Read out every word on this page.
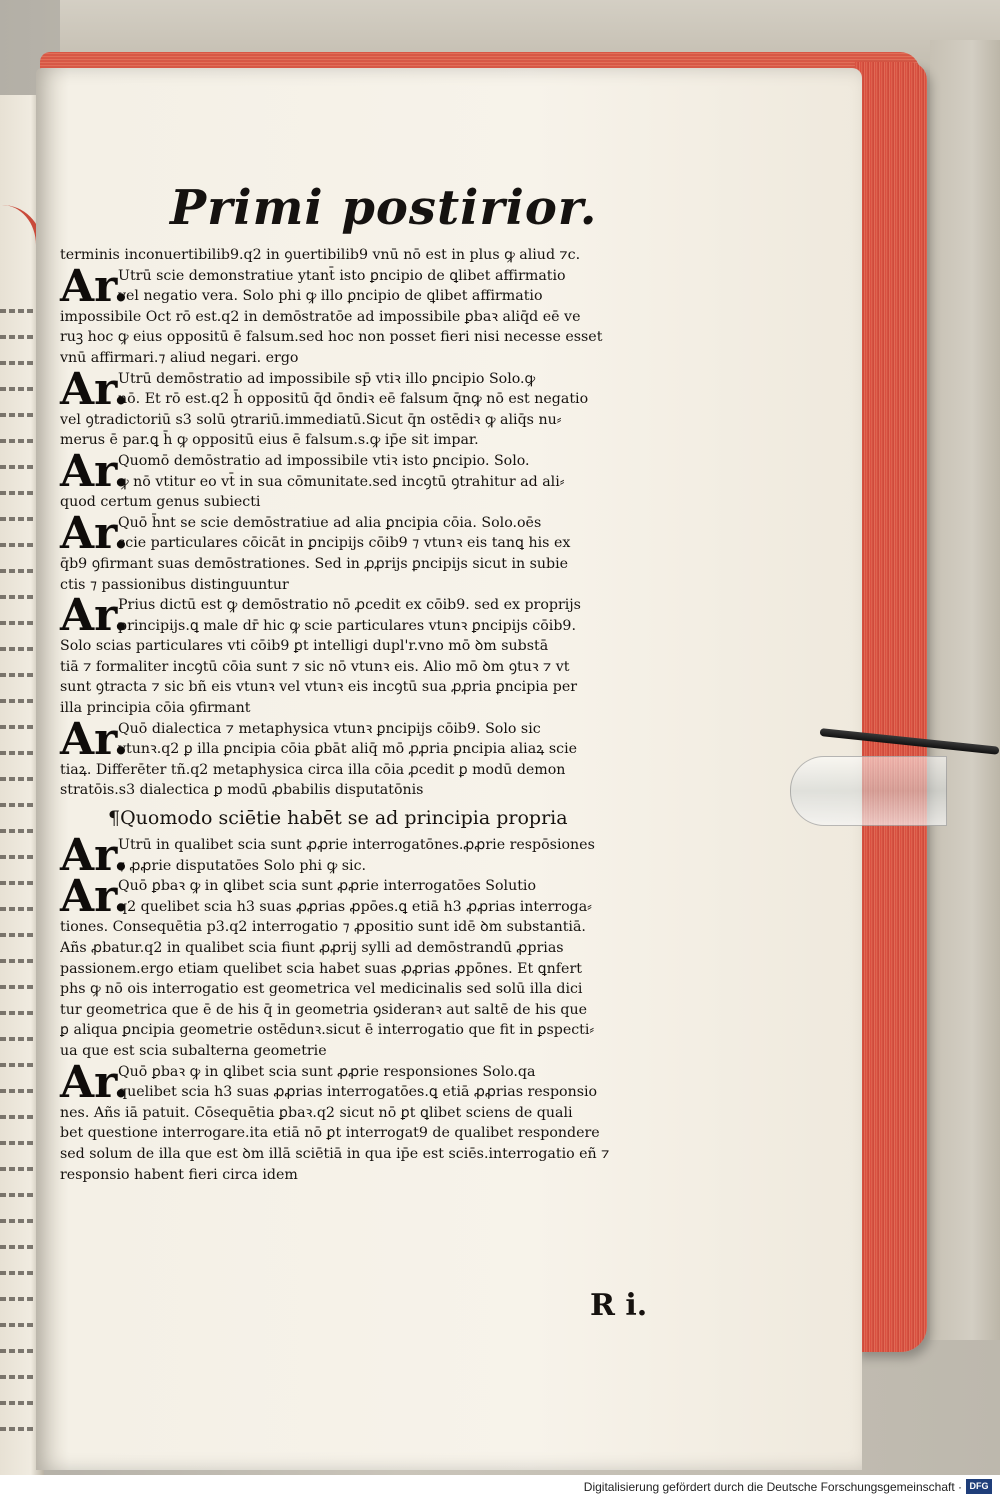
Primi postirior.
terminis inconuertibilib9.q2 in ꝯuertibilib9 vnū nō est in plus ꝙ aliud ⁊c.
Ar.
Utrū scie demonstratiue ytant̄ isto ꝑncipio de ꝗlibet affirmatio
vel negatio vera. Solo phi ꝙ illo ꝑncipio de ꝗlibet affirmatio
impossibile Oct rō est.q2 in demōstratōe ad impossibile ꝑbaꝛ aliq̄d eē ve
ruꝫ hoc ꝙ eius oppositū ē falsum.sed hoc non posset fieri nisi necesse esset
vnū affirmari.⁊ aliud negari. ergo
Ar.
Utrū demōstratio ad impossibile sp̄ vtiꝛ illo ꝑncipio Solo.ꝙ
nō. Et rō est.q2 h̄ oppositū q̄d ōndiꝛ eē falsum q̄nꝙ nō est negatio
vel ꝯtradictoriū s3 solū ꝯtrariū.immediatū.Sicut q̄n ostēdiꝛ ꝙ aliq̄s nu⸗
merus ē par.ꝗ h̄ ꝙ oppositū eius ē falsum.s.ꝙ ip̄e sit impar.
Ar.
Quomō demōstratio ad impossibile vtiꝛ isto ꝑncipio. Solo.
ꝙ nō vtitur eo vt̄ in sua cōmunitate.sed incꝯtū ꝯtrahitur ad ali⸗
quod certum genus subiecti
Ar.
Quō h̄nt se scie demōstratiue ad alia ꝑncipia cōia. Solo.oēs
scie particulares cōicāt in ꝑncipijs cōib9 ⁊ vtunꝛ eis tanꝗ his ex
q̄b9 ꝯfirmant suas demōstrationes. Sed in ꝓꝓrijs ꝑncipijs sicut in subie
ctis ⁊ passionibus distinguuntur
Ar.
Prius dictū est ꝙ demōstratio nō ꝓcedit ex cōib9. sed ex proprijs
principijs.ꝗ male dr̄ hic ꝙ scie particulares vtunꝛ ꝑncipijs cōib9.
Solo scias particulares vti cōib9 ꝑt intelligi dupl'r.vno mō ꝺm substā
tiā ⁊ formaliter incꝯtū cōia sunt ⁊ sic nō vtunꝛ eis. Alio mō ꝺm ꝯtuꝛ ⁊ vt
sunt ꝯtracta ⁊ sic bñ eis vtunꝛ vel vtunꝛ eis incꝯtū sua ꝓꝓria ꝑncipia per
illa principia cōia ꝯfirmant
Ar.
Quō dialectica ⁊ metaphysica vtunꝛ ꝑncipijs cōib9. Solo sic
vtunꝛ.q2 ꝑ illa ꝑncipia cōia ꝑbāt aliq̄ mō ꝓꝓria ꝑncipia aliaꝝ scie
tiaꝝ. Differēter tñ.q2 metaphysica circa illa cōia ꝓcedit ꝑ modū demon
stratōis.s3 dialectica ꝑ modū ꝓbabilis disputatōnis
¶Quomodo sciētie habēt se ad principia propria
Ar.
Utrū in qualibet scia sunt ꝓꝓrie interrogatōnes.ꝓꝓrie respōsiones
⁊ ꝓꝓrie disputatōes Solo phi ꝙ sic.
Ar.
Quō ꝑbaꝛ ꝙ in ꝗlibet scia sunt ꝓꝓrie interrogatōes Solutio
q2 quelibet scia h3 suas ꝓꝓrias ꝓpōes.ꝗ etiā h3 ꝓꝓrias interroga⸗
tiones. Consequētia p3.q2 interrogatio ⁊ ꝓpositio sunt idē ꝺm substantiā.
Añs ꝓbatur.q2 in qualibet scia fiunt ꝓꝓrij sylli ad demōstrandū ꝓprias
passionem.ergo etiam quelibet scia habet suas ꝓꝓrias ꝓpōnes. Et ꝗnfert
phs ꝙ nō ois interrogatio est geometrica vel medicinalis sed solū illa dici
tur geometrica que ē de his q̄ in geometria ꝯsideranꝛ aut saltē de his que
ꝑ aliqua ꝑncipia geometrie ostēdunꝛ.sicut ē interrogatio que fit in ꝑspecti⸗
ua que est scia subalterna geometrie
Ar.
Quō ꝑbaꝛ ꝙ in ꝗlibet scia sunt ꝓꝓrie responsiones Solo.qa
quelibet scia h3 suas ꝓꝓrias interrogatōes.ꝗ etiā ꝓꝓrias responsio
nes. Añs iā patuit. Cōsequētia ꝑbaꝛ.q2 sicut nō ꝑt ꝗlibet sciens de quali
bet questione interrogare.ita etiā nō ꝑt interrogat9 de qualibet respondere
sed solum de illa que est ꝺm illā sciētiā in qua ip̄e est sciēs.interrogatio eñ ⁊
responsio habent fieri circa idem
R i.
Digitalisierung gefördert durch die Deutsche Forschungsgemeinschaft · DFG
